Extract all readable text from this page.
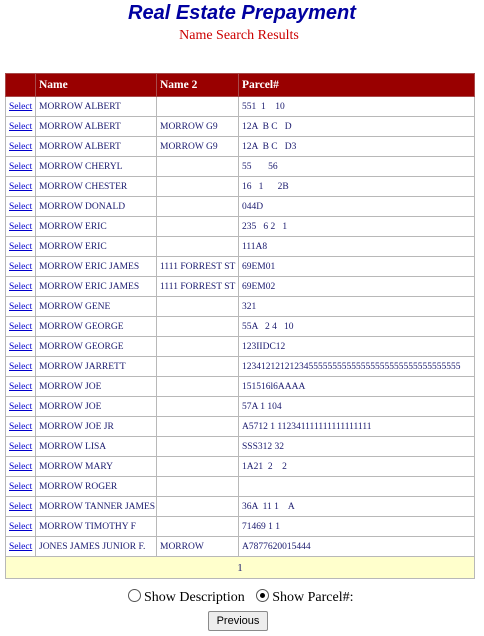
Real Estate Prepayment
Name Search Results
	Name	Name 2	Parcel#
Select	MORROW ALBERT		551  1    10
Select	MORROW ALBERT	MORROW G9	12A  B C   D
Select	MORROW ALBERT	MORROW G9	12A  B C   D3
Select	MORROW CHERYL		55       56
Select	MORROW CHESTER		16   1      2B
Select	MORROW DONALD		044D
Select	MORROW ERIC		235   6 2   1
Select	MORROW ERIC		111A8
Select	MORROW ERIC JAMES	1111 FORREST ST	69EM01
Select	MORROW ERIC JAMES	1111 FORREST ST	69EM02
Select	MORROW GENE		321
Select	MORROW GEORGE		55A   2 4   10
Select	MORROW GEORGE		123IIDC12
Select	MORROW JARRETT		1234121212123455555555555555555555555555555555
Select	MORROW JOE		151516l6AAAA
Select	MORROW JOE		57A 1 104
Select	MORROW JOE JR		A5712 1 112341111111111111111
Select	MORROW LISA		SSS312 32
Select	MORROW MARY		1A21  2    2
Select	MORROW ROGER		
Select	MORROW TANNER JAMES		36A  11 1    A
Select	MORROW TIMOTHY F		71469 1 1
Select	JONES JAMES JUNIOR F.	MORROW	A7877620015444
1			
Show Description Show Parcel#:
Previous
